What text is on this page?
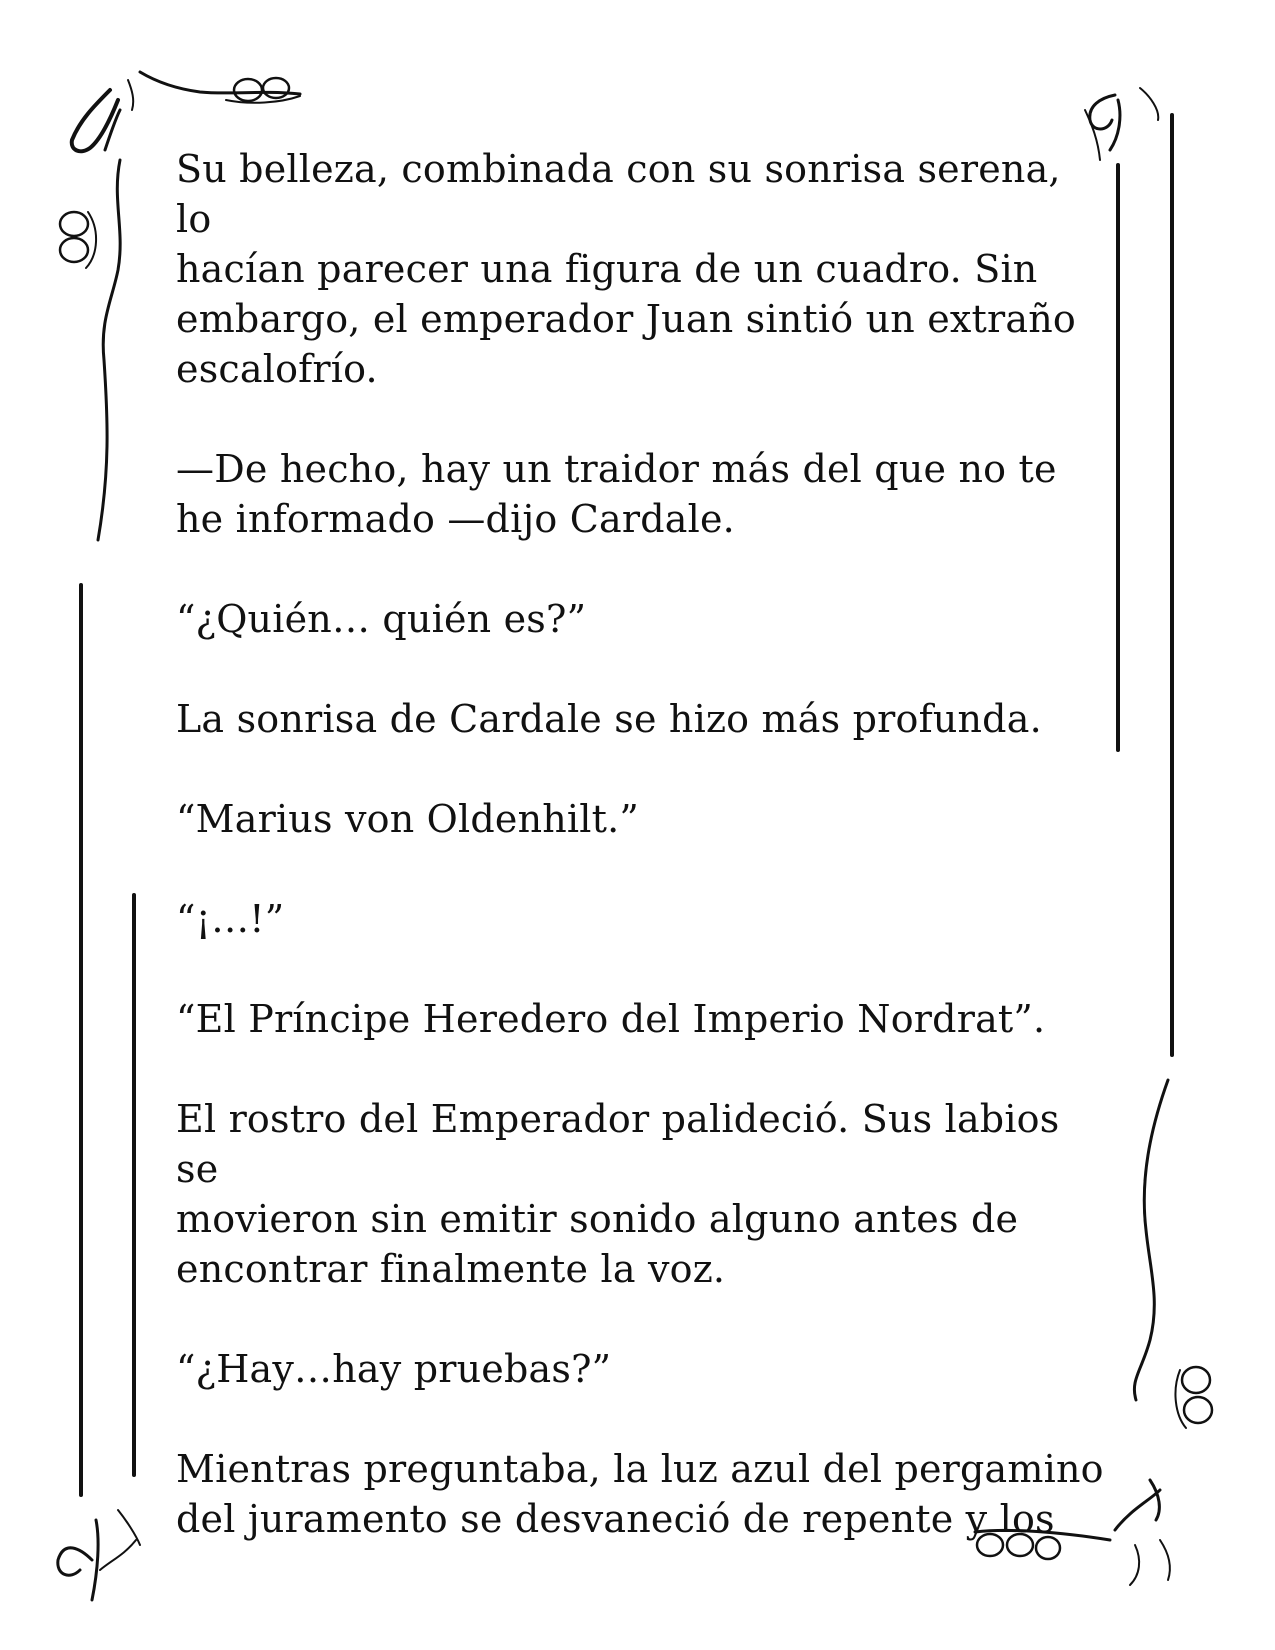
Su belleza, combinada con su sonrisa serena, lo
hacían parecer una figura de un cuadro. Sin
embargo, el emperador Juan sintió un extraño
escalofrío.

—De hecho, hay un traidor más del que no te
he informado —dijo Cardale.

“¿Quién… quién es?”

La sonrisa de Cardale se hizo más profunda.

“Marius von Oldenhilt.”

“¡…!”

“El Príncipe Heredero del Imperio Nordrat”.

El rostro del Emperador palideció. Sus labios se
movieron sin emitir sonido alguno antes de
encontrar finalmente la voz.

“¿Hay…hay pruebas?”

Mientras preguntaba, la luz azul del pergamino
del juramento se desvaneció de repente y los
